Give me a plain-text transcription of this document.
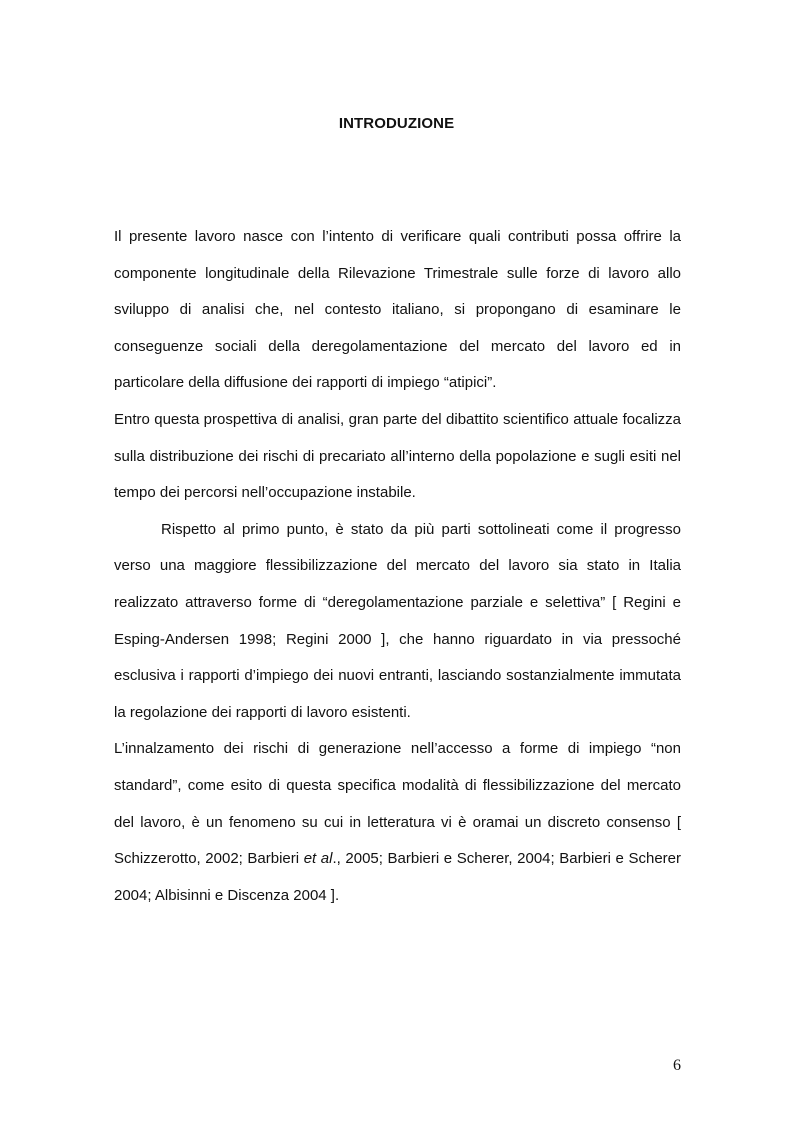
INTRODUZIONE

Il presente lavoro nasce con l’intento di verificare quali contributi possa offrire la componente longitudinale della Rilevazione Trimestrale sulle forze di lavoro allo sviluppo di analisi che, nel contesto italiano, si propongano di esaminare le conseguenze sociali della deregolamentazione del mercato del lavoro ed in particolare della diffusione dei rapporti di impiego “atipici”.

Entro questa prospettiva di analisi, gran parte del dibattito scientifico attuale focalizza sulla distribuzione dei rischi di precariato all’interno della popolazione e sugli esiti nel tempo dei percorsi nell’occupazione instabile.

Rispetto al primo punto, è stato da più parti sottolineati come il progresso verso una maggiore flessibilizzazione del mercato del lavoro sia stato in Italia realizzato attraverso forme di “deregolamentazione parziale e selettiva” [ Regini e Esping-Andersen 1998; Regini 2000 ], che hanno riguardato in via pressoché esclusiva i rapporti d’impiego dei nuovi entranti, lasciando sostanzialmente immutata la regolazione dei rapporti di lavoro esistenti.

L’innalzamento dei rischi di generazione nell’accesso a forme di impiego “non standard”, come esito di questa specifica modalità di flessibilizzazione del mercato del lavoro, è un fenomeno su cui in letteratura vi è oramai un discreto consenso [ Schizzerotto, 2002; Barbieri et al., 2005; Barbieri e Scherer, 2004; Barbieri e Scherer 2004; Albisinni e Discenza 2004 ].

6
